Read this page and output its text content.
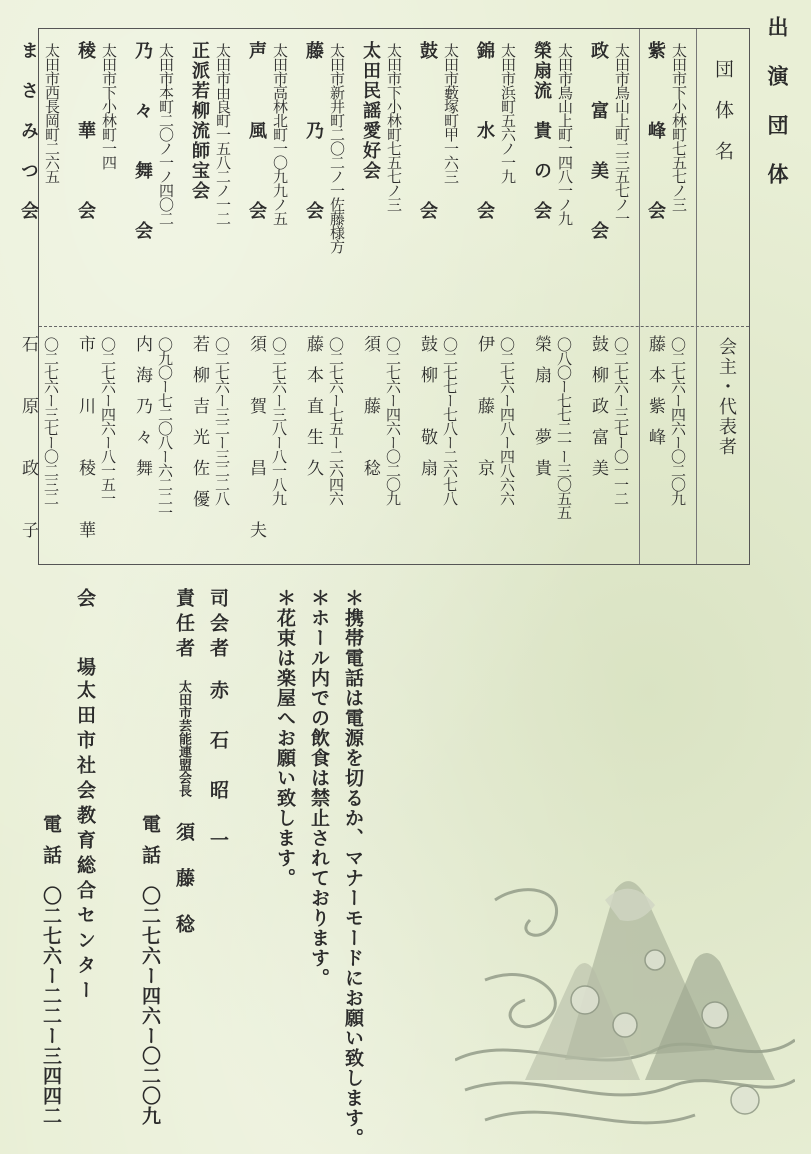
出演団体
団体名
会主・代表者
紫　　　峰　　　会 太田市下小林町七五七ノ三
藤本紫峰 〇二七六ー四六ー〇二〇九
政　　富　　美　　会 太田市鳥山上町二三五七ノ一
鼓柳政富美 〇二七六ー三七ー〇一一二
榮扇流　貴　の　会 太田市鳥山上町一四八一ノ九
榮扇　夢貴 〇八〇ー七七二一ー三〇五五
錦　　　水　　　会 太田市浜町五六ノ一九
伊　藤　京 〇二七六ー四八ー四八六六
鼓　　　　　　　会 太田市藪塚町甲一六三
鼓柳　敬扇 〇二七七ー七八ー二六七八
太田民謡愛好会 太田市下小林町七五七ノ三
須　藤　稔 〇二七六ー四六ー〇二〇九
藤　　　乃　　　会 太田市新井町二〇二ノ一佐藤様方
藤本直生久 〇二七六ー七五ー二六四六
声　　　風　　　会 太田市高林北町一〇九九ノ五
須　賀　昌　夫 〇二七六ー三八ー八一八九
正派若柳流師宝会 太田市由良町一五八二ノ一二
若柳吉光佐優 〇二七六ー三二ー三二二八
乃　　々　　舞　　会 太田市本町二〇ノ一ノ四〇二
内海乃々舞 〇九〇ー七二〇八ー六二二一
稜　　　華　　　会 太田市下小林町一四
市　川　稜　華 〇二七六ー四六ー八一五一
ま　さ　み　つ　会 太田市西長岡町二六五
石　原　政　子 〇二七六ー三七ー〇二三二
＊携帯電話は電源を切るか、マナーモードにお願い致します。
＊ホール内での飲食は禁止されております。
＊花束は楽屋へお願い致します。
司会者
赤　石　昭　一
責任者
太田市芸能連盟会長
須　藤　稔
電話
〇二七六ー四六ー〇二〇九
会　　場
太田市社会教育総合センター
電話
〇二七六ー二二ー三四四二
